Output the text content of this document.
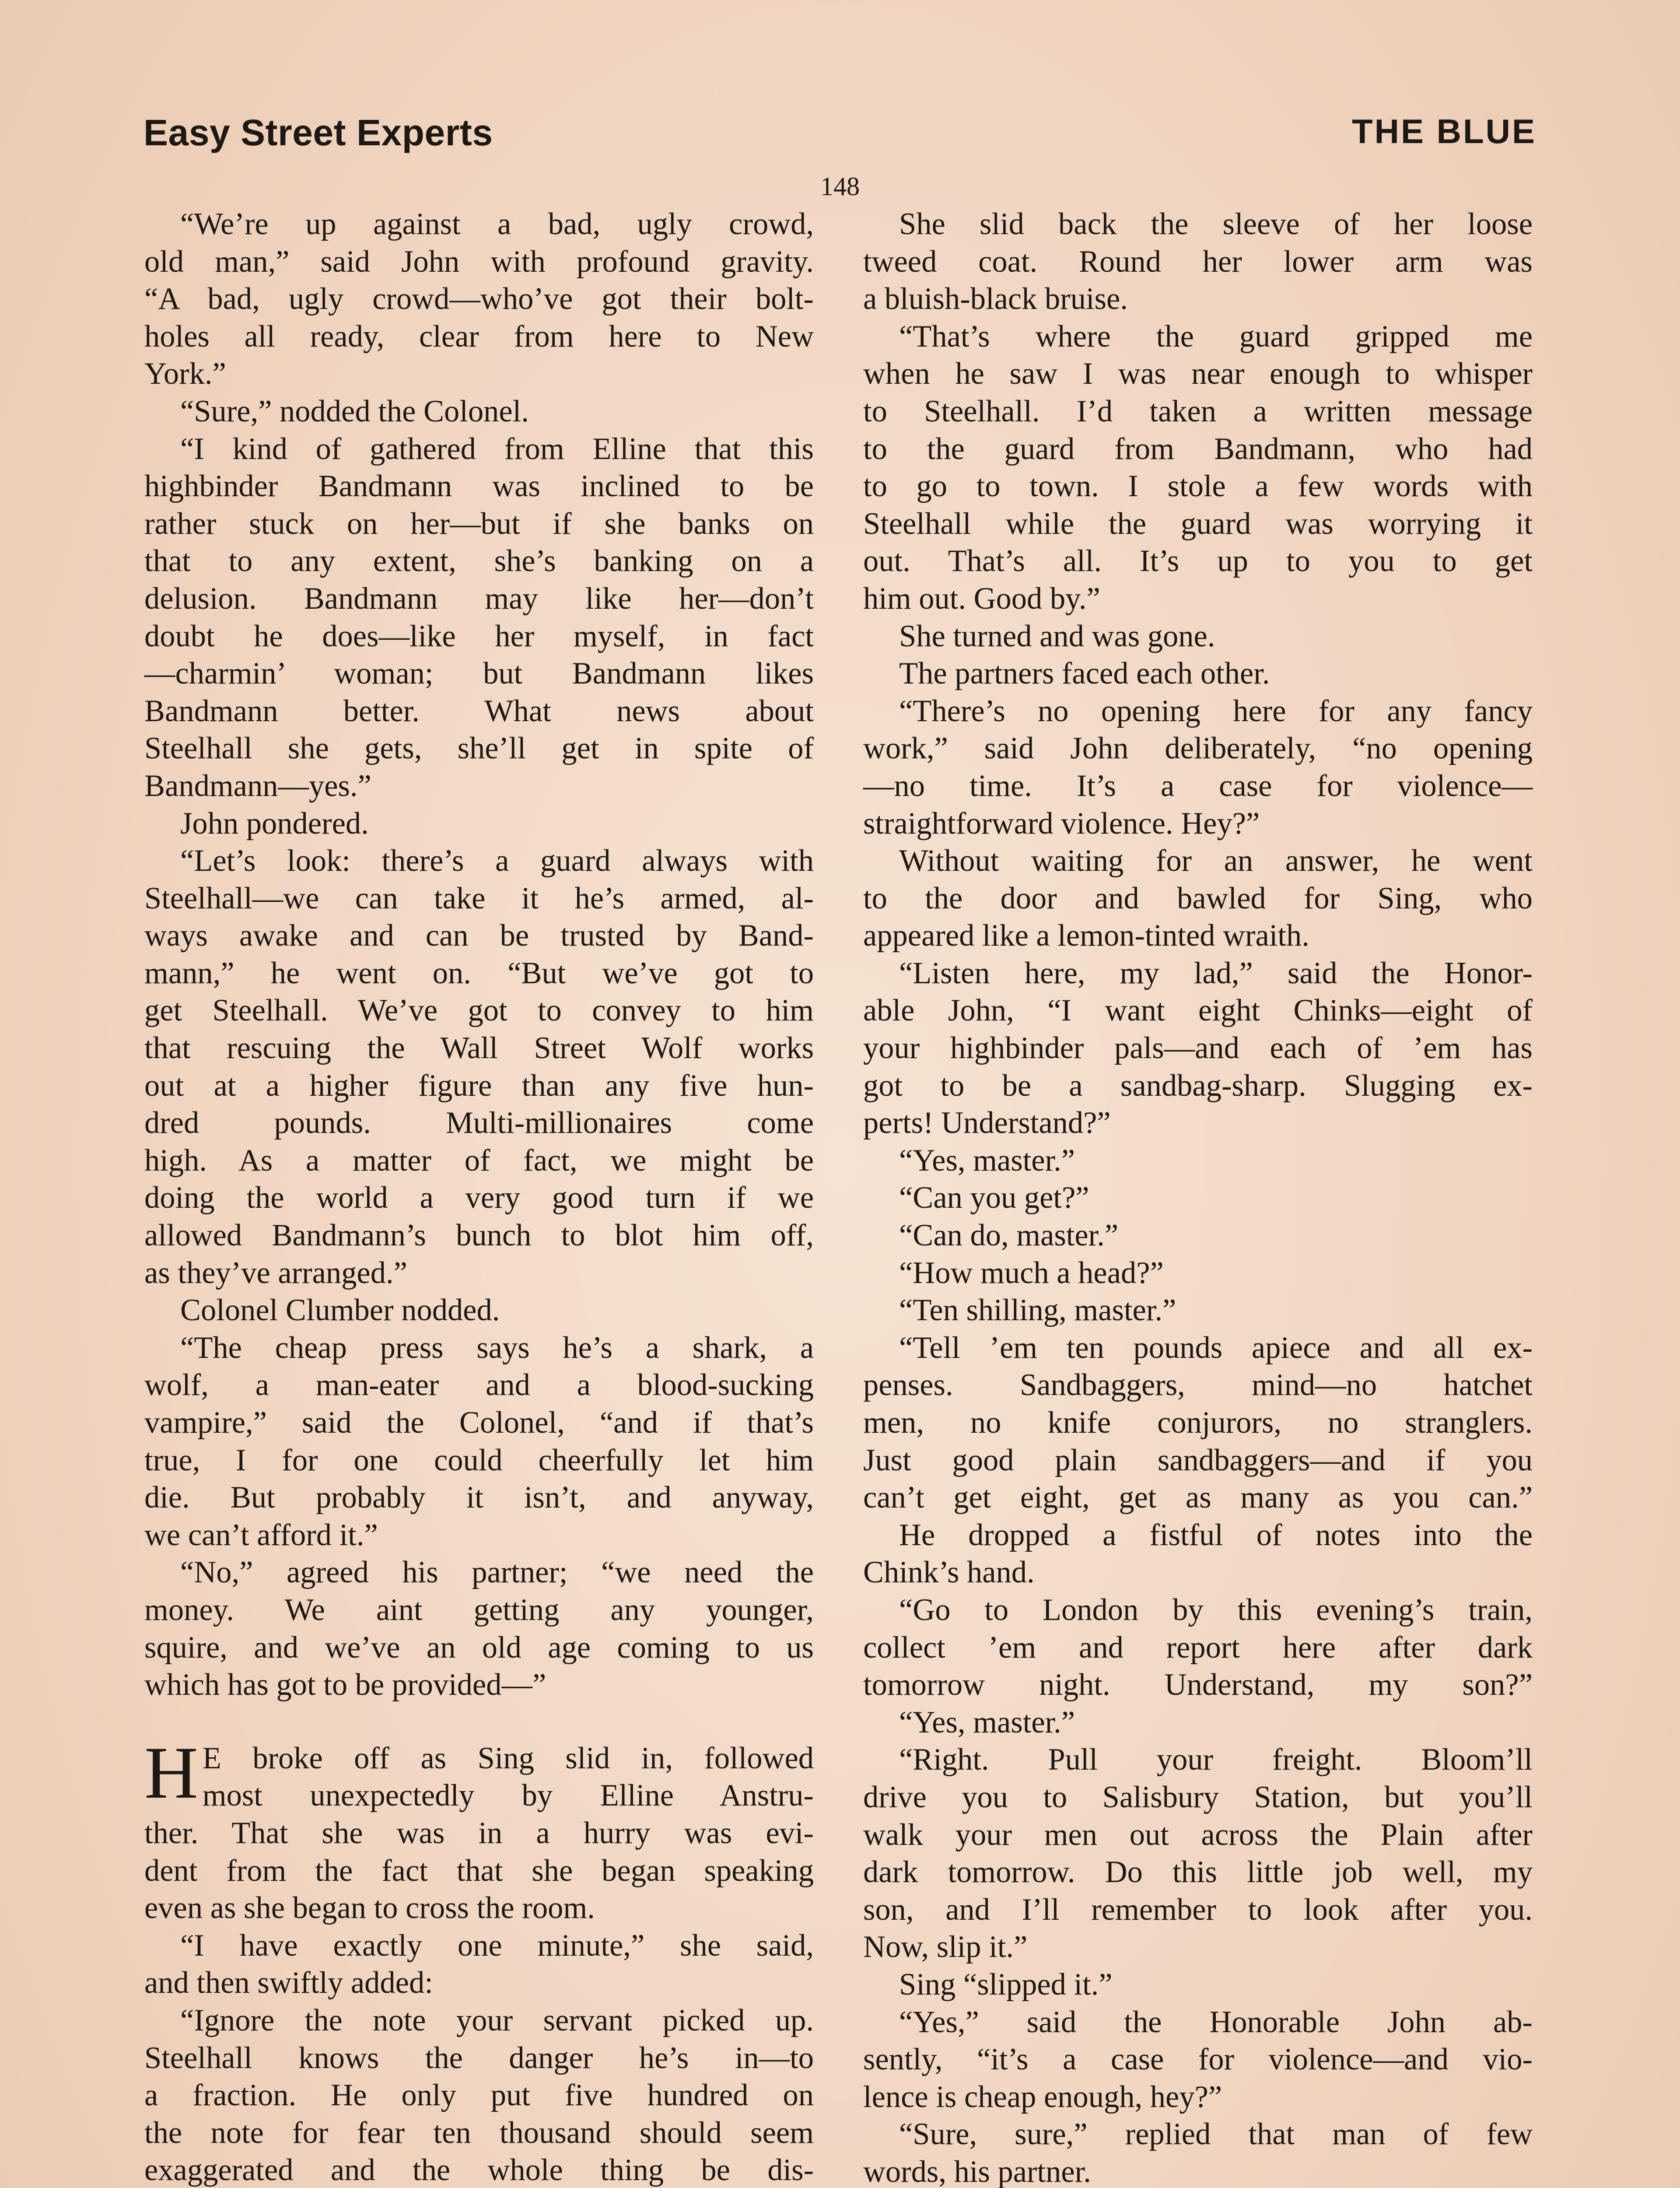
Easy Street Experts	THE BLUE
148
“We’re up against a bad, ugly crowd,
old man,” said John with profound gravity.
“A bad, ugly crowd—who’ve got their bolt-
holes all ready, clear from here to New
York.”
“Sure,” nodded the Colonel.
“I kind of gathered from Elline that this
highbinder Bandmann was inclined to be
rather stuck on her—but if she banks on
that to any extent, she’s banking on a
delusion. Bandmann may like her—don’t
doubt he does—like her myself, in fact
—charmin’ woman; but Bandmann likes
Bandmann better. What news about
Steelhall she gets, she’ll get in spite of
Bandmann—yes.”
John pondered.
“Let’s look: there’s a guard always with
Steelhall—we can take it he’s armed, al-
ways awake and can be trusted by Band-
mann,” he went on. “But we’ve got to
get Steelhall. We’ve got to convey to him
that rescuing the Wall Street Wolf works
out at a higher figure than any five hun-
dred pounds. Multi-millionaires come
high. As a matter of fact, we might be
doing the world a very good turn if we
allowed Bandmann’s bunch to blot him off,
as they’ve arranged.”
Colonel Clumber nodded.
“The cheap press says he’s a shark, a
wolf, a man-eater and a blood-sucking
vampire,” said the Colonel, “and if that’s
true, I for one could cheerfully let him
die. But probably it isn’t, and anyway,
we can’t afford it.”
“No,” agreed his partner; “we need the
money. We aint getting any younger,
squire, and we’ve an old age coming to us
which has got to be provided—”
H E broke off as Sing slid in, followed
most unexpectedly by Elline Anstru-
ther. That she was in a hurry was evi-
dent from the fact that she began speaking
even as she began to cross the room.
“I have exactly one minute,” she said,
and then swiftly added:
“Ignore the note your servant picked up.
Steelhall knows the danger he’s in—to
a fraction. He only put five hundred on
the note for fear ten thousand should seem
exaggerated and the whole thing be dis-
She slid back the sleeve of her loose
tweed coat. Round her lower arm was
a bluish-black bruise.
“That’s where the guard gripped me
when he saw I was near enough to whisper
to Steelhall. I’d taken a written message
to the guard from Bandmann, who had
to go to town. I stole a few words with
Steelhall while the guard was worrying it
out. That’s all. It’s up to you to get
him out. Good by.”
She turned and was gone.
The partners faced each other.
“There’s no opening here for any fancy
work,” said John deliberately, “no opening
—no time. It’s a case for violence—
straightforward violence. Hey?”
Without waiting for an answer, he went
to the door and bawled for Sing, who
appeared like a lemon-tinted wraith.
“Listen here, my lad,” said the Honor-
able John, “I want eight Chinks—eight of
your highbinder pals—and each of ’em has
got to be a sandbag-sharp. Slugging ex-
perts! Understand?”
“Yes, master.”
“Can you get?”
“Can do, master.”
“How much a head?”
“Ten shilling, master.”
“Tell ’em ten pounds apiece and all ex-
penses. Sandbaggers, mind—no hatchet
men, no knife conjurors, no stranglers.
Just good plain sandbaggers—and if you
can’t get eight, get as many as you can.”
He dropped a fistful of notes into the
Chink’s hand.
“Go to London by this evening’s train,
collect ’em and report here after dark
tomorrow night. Understand, my son?”
“Yes, master.”
“Right. Pull your freight. Bloom’ll
drive you to Salisbury Station, but you’ll
walk your men out across the Plain after
dark tomorrow. Do this little job well, my
son, and I’ll remember to look after you.
Now, slip it.”
Sing “slipped it.”
“Yes,” said the Honorable John ab-
sently, “it’s a case for violence—and vio-
lence is cheap enough, hey?”
“Sure, sure,” replied that man of few
words, his partner.
